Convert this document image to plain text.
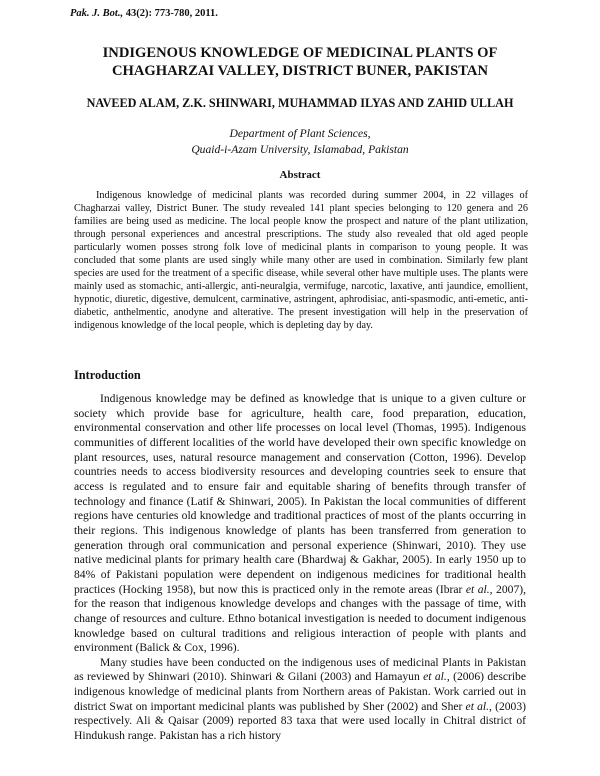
Pak. J. Bot., 43(2): 773-780, 2011.
INDIGENOUS KNOWLEDGE OF MEDICINAL PLANTS OF
CHAGHARZAI VALLEY, DISTRICT BUNER, PAKISTAN
NAVEED ALAM, Z.K. SHINWARI, MUHAMMAD ILYAS AND ZAHID ULLAH
Department of Plant Sciences,
Quaid-i-Azam University, Islamabad, Pakistan
Abstract

Indigenous knowledge of medicinal plants was recorded during summer 2004, in 22 villages of Chagharzai valley, District Buner. The study revealed 141 plant species belonging to 120 genera and 26 families are being used as medicine. The local people know the prospect and nature of the plant utilization, through personal experiences and ancestral prescriptions. The study also revealed that old aged people particularly women posses strong folk love of medicinal plants in comparison to young people. It was concluded that some plants are used singly while many other are used in combination. Similarly few plant species are used for the treatment of a specific disease, while several other have multiple uses. The plants were mainly used as stomachic, anti-allergic, anti-neuralgia, vermifuge, narcotic, laxative, anti jaundice, emollient, hypnotic, diuretic, digestive, demulcent, carminative, astringent, aphrodisiac, anti-spasmodic, anti-emetic, anti-diabetic, anthelmentic, anodyne and alterative. The present investigation will help in the preservation of indigenous knowledge of the local people, which is depleting day by day.

Introduction

Indigenous knowledge may be defined as knowledge that is unique to a given culture or society which provide base for agriculture, health care, food preparation, education, environmental conservation and other life processes on local level (Thomas, 1995). Indigenous communities of different localities of the world have developed their own specific knowledge on plant resources, uses, natural resource management and conservation (Cotton, 1996). Develop countries needs to access biodiversity resources and developing countries seek to ensure that access is regulated and to ensure fair and equitable sharing of benefits through transfer of technology and finance (Latif & Shinwari, 2005). In Pakistan the local communities of different regions have centuries old knowledge and traditional practices of most of the plants occurring in their regions. This indigenous knowledge of plants has been transferred from generation to generation through oral communication and personal experience (Shinwari, 2010). They use native medicinal plants for primary health care (Bhardwaj & Gakhar, 2005). In early 1950 up to 84% of Pakistani population were dependent on indigenous medicines for traditional health practices (Hocking 1958), but now this is practiced only in the remote areas (Ibrar et al., 2007), for the reason that indigenous knowledge develops and changes with the passage of time, with change of resources and culture. Ethno botanical investigation is needed to document indigenous knowledge based on cultural traditions and religious interaction of people with plants and environment (Balick & Cox, 1996).

Many studies have been conducted on the indigenous uses of medicinal Plants in Pakistan as reviewed by Shinwari (2010). Shinwari & Gilani (2003) and Hamayun et al., (2006) describe indigenous knowledge of medicinal plants from Northern areas of Pakistan. Work carried out in district Swat on important medicinal plants was published by Sher (2002) and Sher et al., (2003) respectively. Ali & Qaisar (2009) reported 83 taxa that were used locally in Chitral district of Hindukush range. Pakistan has a rich history
